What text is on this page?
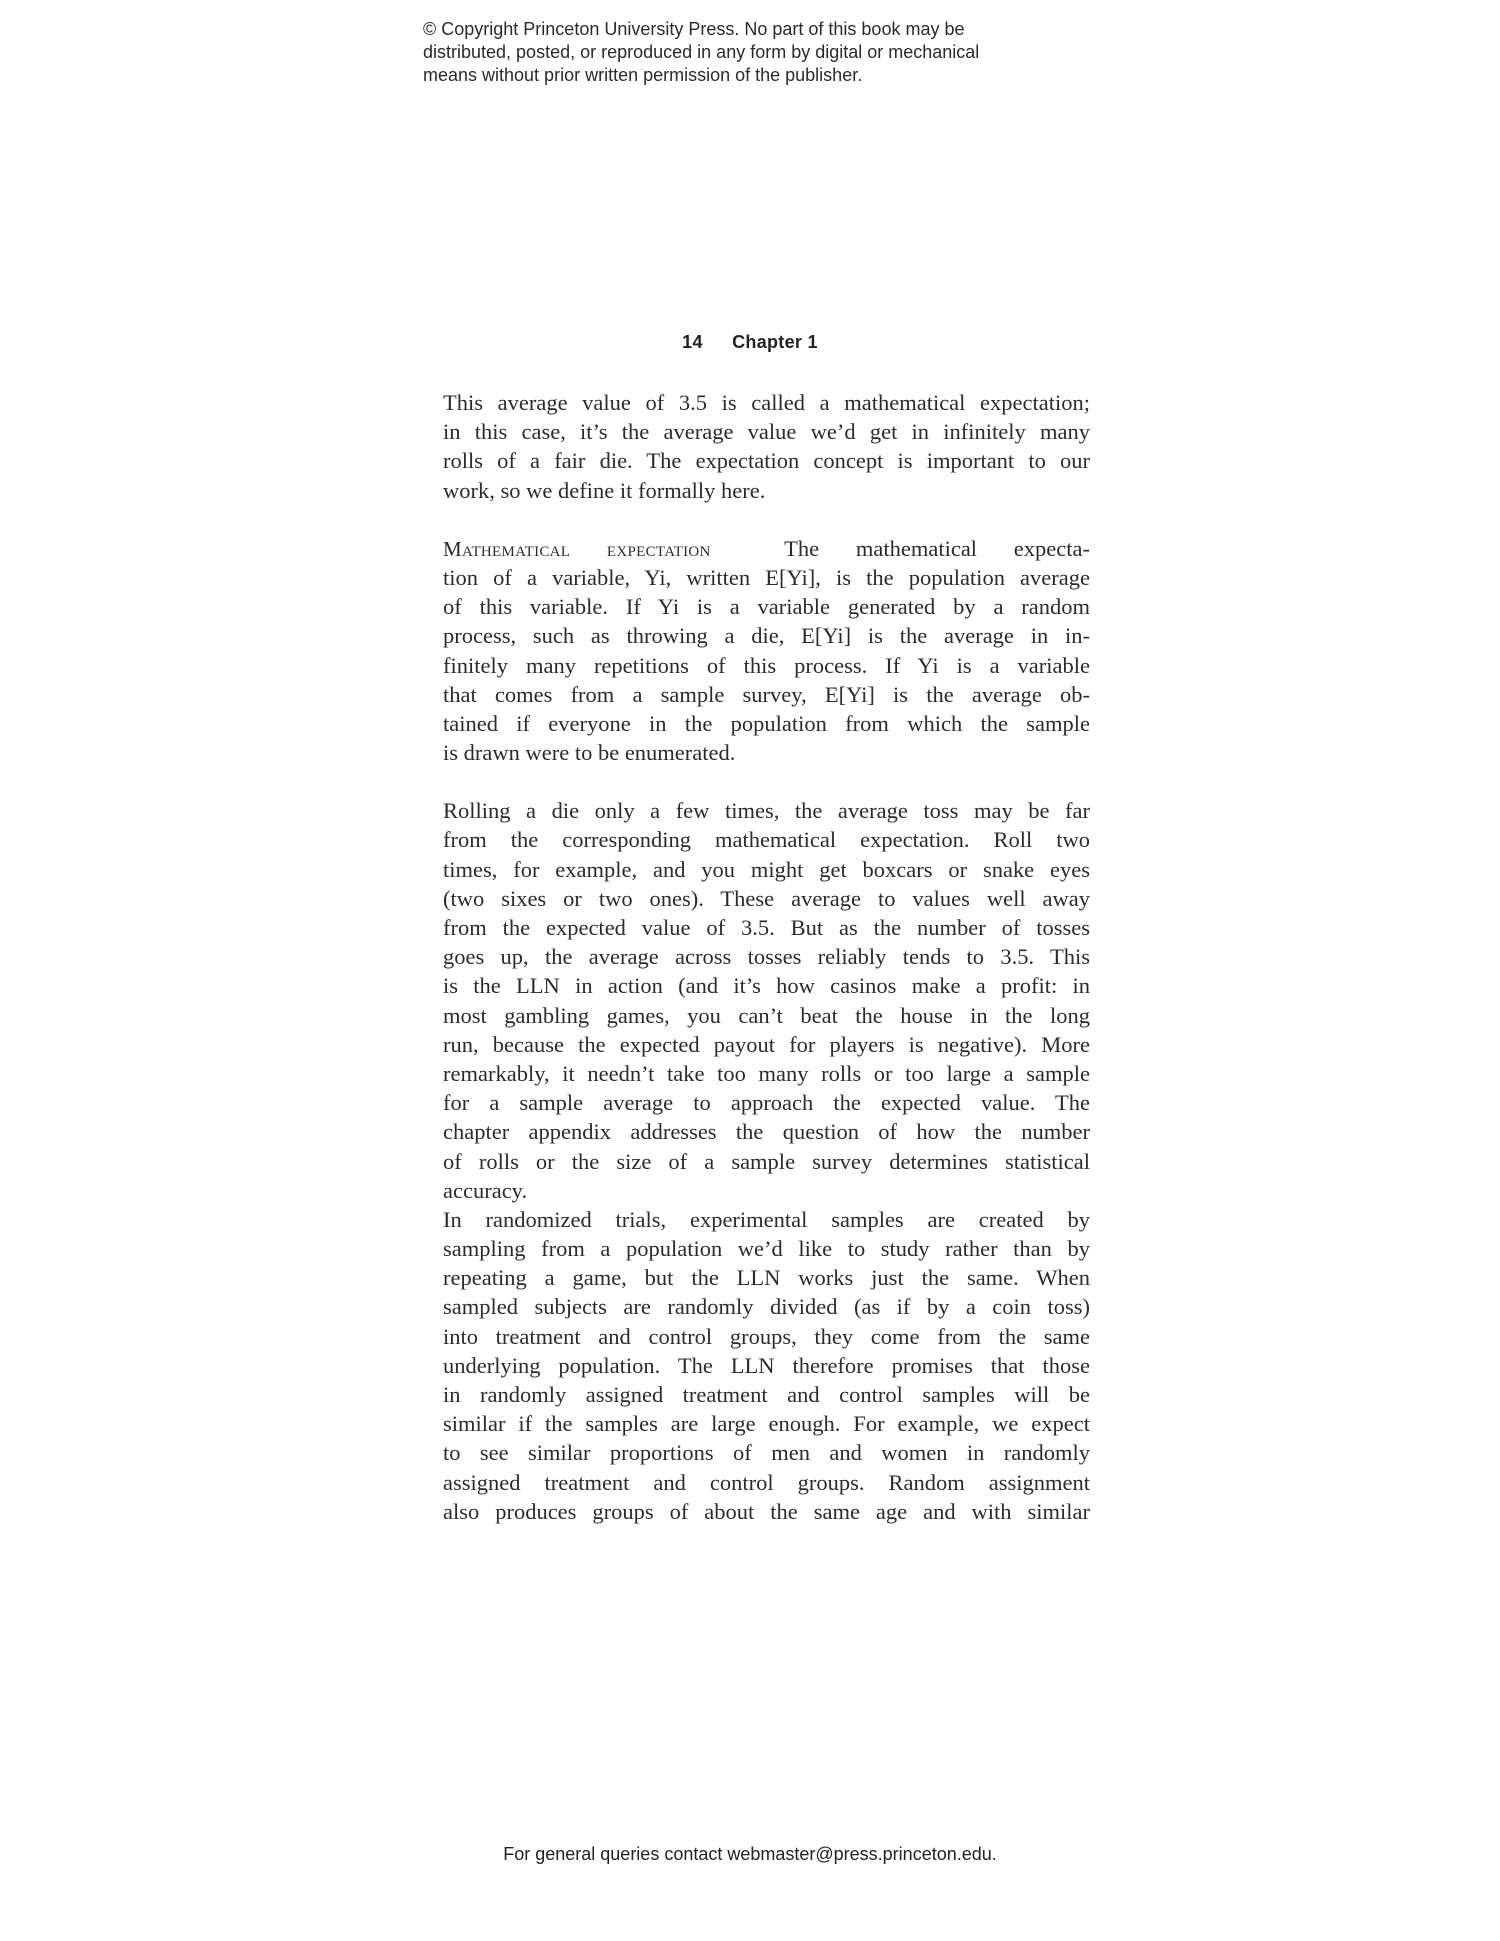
© Copyright Princeton University Press. No part of this book may be
distributed, posted, or reproduced in any form by digital or mechanical
means without prior written permission of the publisher.
14 Chapter 1
This average value of 3.5 is called a mathematical expectation;
in this case, it’s the average value we’d get in infinitely many
rolls of a fair die. The expectation concept is important to our
work, so we define it formally here.
Mathematical expectation	The mathematical expecta-
tion of a variable, Yi, written E[Yi], is the population average
of this variable. If Yi is a variable generated by a random
process, such as throwing a die, E[Yi] is the average in in-
finitely many repetitions of this process. If Yi is a variable
that comes from a sample survey, E[Yi] is the average ob-
tained if everyone in the population from which the sample
is drawn were to be enumerated.
Rolling a die only a few times, the average toss may be far
from the corresponding mathematical expectation. Roll two
times, for example, and you might get boxcars or snake eyes
(two sixes or two ones). These average to values well away
from the expected value of 3.5. But as the number of tosses
goes up, the average across tosses reliably tends to 3.5. This
is the LLN in action (and it’s how casinos make a profit: in
most gambling games, you can’t beat the house in the long
run, because the expected payout for players is negative). More
remarkably, it needn’t take too many rolls or too large a sample
for a sample average to approach the expected value. The
chapter appendix addresses the question of how the number
of rolls or the size of a sample survey determines statistical
accuracy.
In randomized trials, experimental samples are created by
sampling from a population we’d like to study rather than by
repeating a game, but the LLN works just the same. When
sampled subjects are randomly divided (as if by a coin toss)
into treatment and control groups, they come from the same
underlying population. The LLN therefore promises that those
in randomly assigned treatment and control samples will be
similar if the samples are large enough. For example, we expect
to see similar proportions of men and women in randomly
assigned treatment and control groups. Random assignment
also produces groups of about the same age and with similar
For general queries contact webmaster@press.princeton.edu.
